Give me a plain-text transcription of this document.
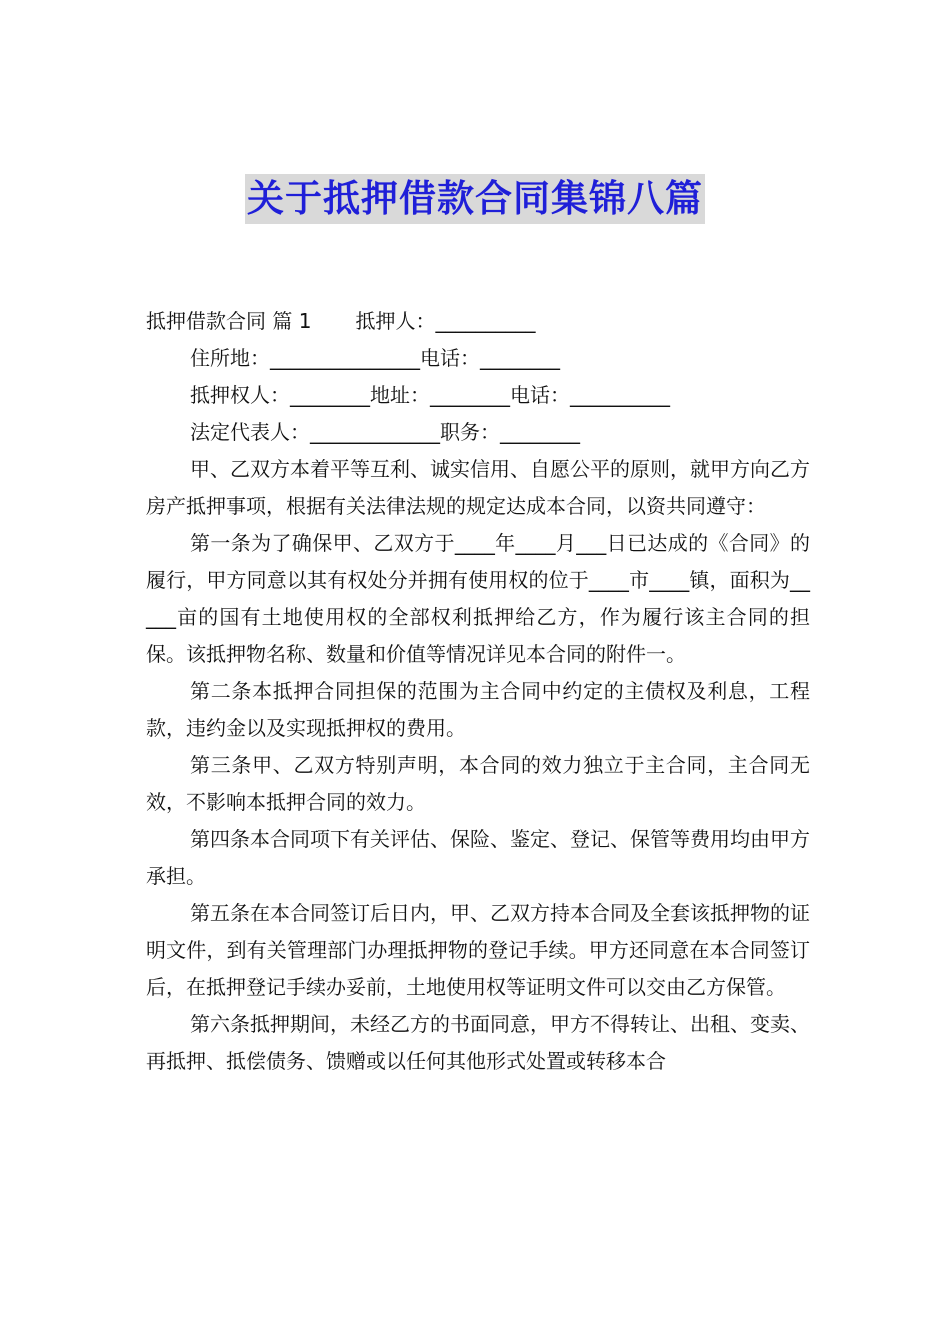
关于抵押借款合同集锦八篇
抵押借款合同 篇 1 抵押人：__________
住所地：_______________电话：________
抵押权人：________地址：________电话：__________
法定代表人：_____________职务：________

甲、乙双方本着平等互利、诚实信用、自愿公平的原则，就甲方向乙方房产抵押事项，根据有关法律法规的规定达成本合同，以资共同遵守：

第一条为了确保甲、乙双方于____年____月___日已达成的《合同》的履行，甲方同意以其有权处分并拥有使用权的位于____市____镇，面积为_____亩的国有土地使用权的全部权利抵押给乙方，作为履行该主合同的担保。该抵押物名称、数量和价值等情况详见本合同的附件一。

第二条本抵押合同担保的范围为主合同中约定的主债权及利息，工程款，违约金以及实现抵押权的费用。

第三条甲、乙双方特别声明，本合同的效力独立于主合同，主合同无效，不影响本抵押合同的效力。

第四条本合同项下有关评估、保险、鉴定、登记、保管等费用均由甲方承担。

第五条在本合同签订后日内，甲、乙双方持本合同及全套该抵押物的证明文件，到有关管理部门办理抵押物的登记手续。甲方还同意在本合同签订后，在抵押登记手续办妥前，土地使用权等证明文件可以交由乙方保管。

第六条抵押期间，未经乙方的书面同意，甲方不得转让、出租、变卖、再抵押、抵偿债务、馈赠或以任何其他形式处置或转移本合
